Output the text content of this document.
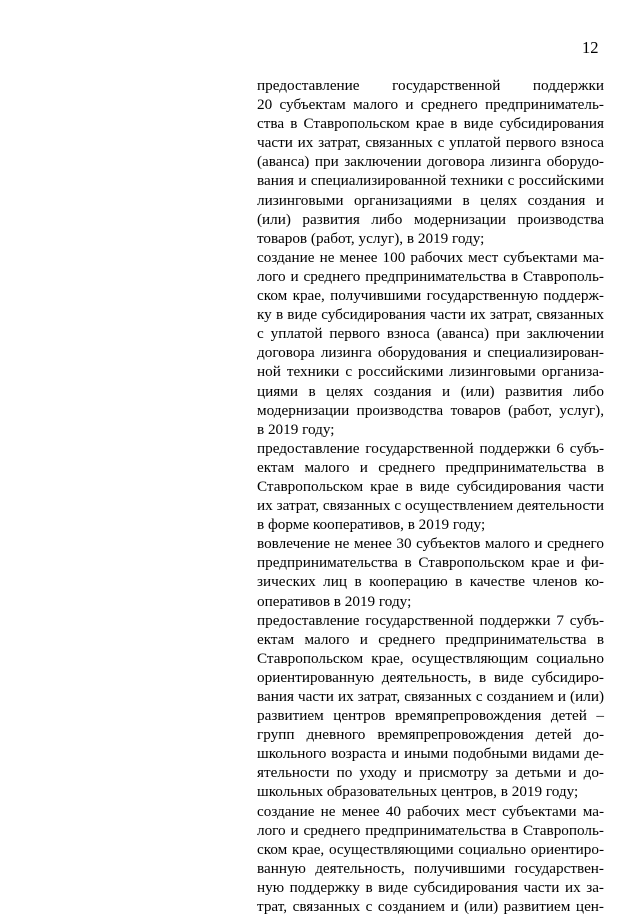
12
предоставление государственной поддержки
20 субъектам малого и среднего предприниматель-
ства в Ставропольском крае в виде субсидирования
части их затрат, связанных с уплатой первого взноса
(аванса) при заключении договора лизинга оборудо-
вания и специализированной техники с российскими
лизинговыми организациями в целях создания и
(или) развития либо модернизации производства
товаров (работ, услуг), в 2019 году;
создание не менее 100 рабочих мест субъектами ма-
лого и среднего предпринимательства в Ставрополь-
ском крае, получившими государственную поддерж-
ку в виде субсидирования части их затрат, связанных
с уплатой первого взноса (аванса) при заключении
договора лизинга оборудования и специализирован-
ной техники с российскими лизинговыми организа-
циями в целях создания и (или) развития либо
модернизации производства товаров (работ, услуг),
в 2019 году;
предоставление государственной поддержки 6 субъ-
ектам малого и среднего предпринимательства в
Ставропольском крае в виде субсидирования части
их затрат, связанных с осуществлением деятельности
в форме кооперативов, в 2019 году;
вовлечение не менее 30 субъектов малого и среднего
предпринимательства в Ставропольском крае и фи-
зических лиц в кооперацию в качестве членов ко-
оперативов в 2019 году;
предоставление государственной поддержки 7 субъ-
ектам малого и среднего предпринимательства в
Ставропольском крае, осуществляющим социально
ориентированную деятельность, в виде субсидиро-
вания части их затрат, связанных с созданием и (или)
развитием центров времяпрепровождения детей –
групп дневного времяпрепровождения детей до-
школьного возраста и иными подобными видами де-
ятельности по уходу и присмотру за детьми и до-
школьных образовательных центров, в 2019 году;
создание не менее 40 рабочих мест субъектами ма-
лого и среднего предпринимательства в Ставрополь-
ском крае, осуществляющими социально ориентиро-
ванную деятельность, получившими государствен-
ную поддержку в виде субсидирования части их за-
трат, связанных с созданием и (или) развитием цен-
